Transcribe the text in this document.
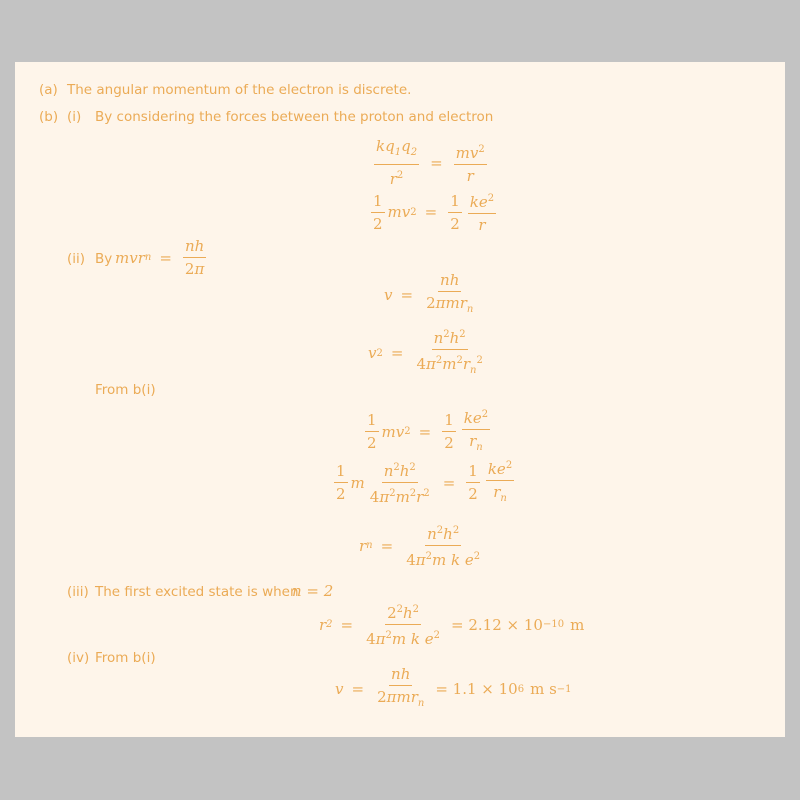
(a) The angular momentum of the electron is discrete.
(b) (i) By considering the forces between the proton and electron
$\frac{kq_1q_2}{r^2} = \frac{mv^2}{r}$
$\frac{1}{2}$ mv $2 = \frac{1}{2} \frac{ke^2}{r}$
(ii) By mvr $n = \frac{nh}{2\pi}$
$v = \frac{nh}{2\pi mr_n}$
v $2 = \frac{n^2h^2}{4\pi^2m^2r_n^2}$
From b(i)
$\frac{1}{2}$ mv $2 = \frac{1}{2} \frac{ke^2}{r_n}$
$\frac{1}{2}$ m $\frac{n^2h^2}{4\pi^2m^2r^2} = \frac{1}{2} \frac{ke^2}{r_n}$
r $n = \frac{n^2h^2}{4\pi^2m k e^2}$
(iii) The first excited state is when
n = 2
r $2 = \frac{2^2h^2}{4\pi^2m k e^2} = 2.12 \times 10 -10$ m
(iv) From b(i)
$v = \frac{nh}{2\pi mr_n} = 1.1 \times 10$ 6 m s −1
